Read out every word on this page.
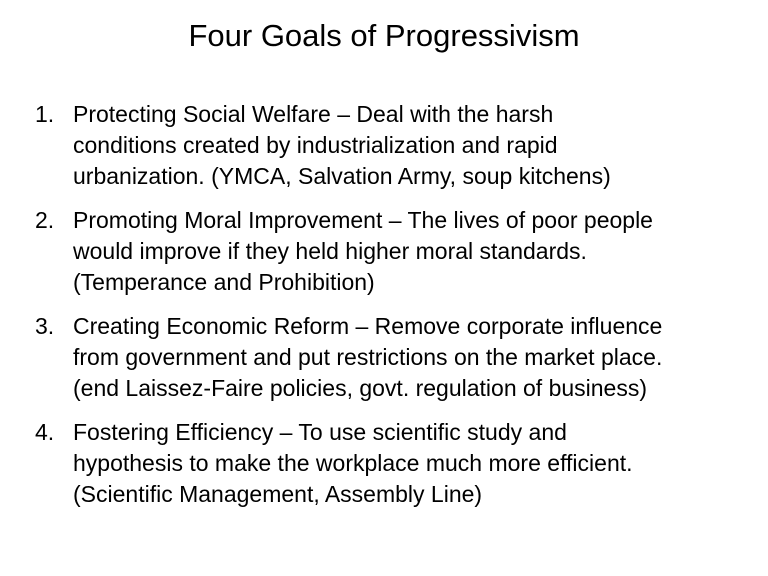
Four Goals of Progressivism
1. Protecting Social Welfare – Deal with the harsh
conditions created by industrialization and rapid
urbanization. (YMCA, Salvation Army, soup kitchens)
2. Promoting Moral Improvement – The lives of poor people
would improve if they held higher moral standards.
(Temperance and Prohibition)
3. Creating Economic Reform – Remove corporate influence
from government and put restrictions on the market place.
(end Laissez-Faire policies, govt. regulation of business)
4. Fostering Efficiency – To use scientific study and
hypothesis to make the workplace much more efficient.
(Scientific Management, Assembly Line)
